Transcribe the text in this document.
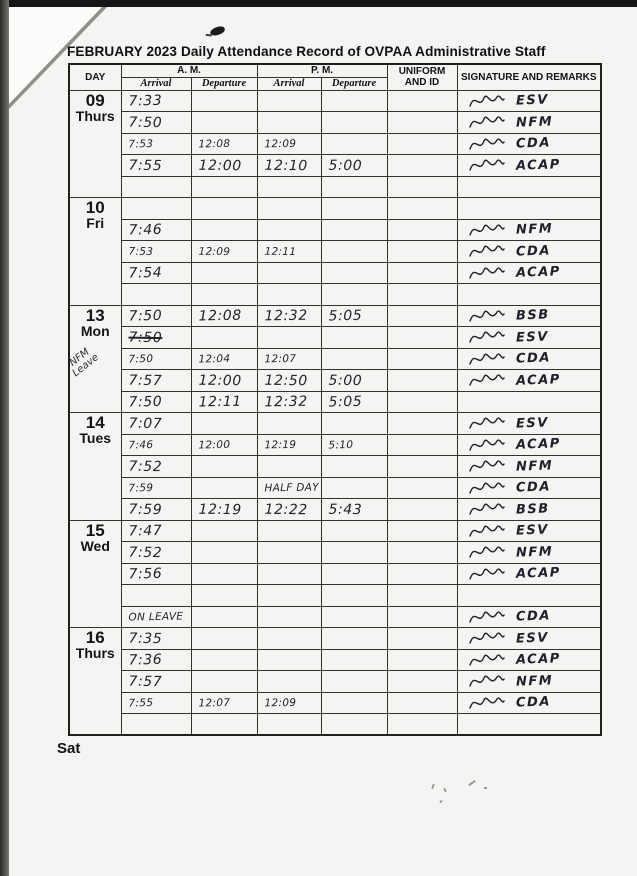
FEBRUARY 2023 Daily Attendance Record of OVPAA Administrative Staff
DAY	A. M.		P. M.		UNIFORM AND ID	SIGNATURE AND REMARKS
	Arrival	Departure	Arrival	Departure		

09
Thurs	7:33					ESV

	7:50					NFM

	7:53	12:08	12:09			CDA

	7:55	12:00	12:10	5:00		ACAP

10
Fri						

	7:46					NFM

	7:53	12:09	12:11			CDA

	7:54					ACAP

13
Mon
NFM Leave	7:50	12:08	12:32	5:05		BSB

	7:50					ESV

	7:50	12:04	12:07			CDA

	7:57	12:00	12:50	5:00		ACAP

	7:50	12:11	12:32	5:05		

14
Tues	7:07					ESV

	7:46	12:00	12:19	5:10		ACAP

	7:52					NFM

	7:59		HALF DAY			CDA

	7:59	12:19	12:22	5:43		BSB

15
Wed	7:47					ESV

	7:52					NFM

	7:56					ACAP

	ON LEAVE					CDA

16
Thurs	7:35					ESV

	7:36					ACAP

	7:57					NFM

	7:55	12:07	12:09			CDA

Sat
